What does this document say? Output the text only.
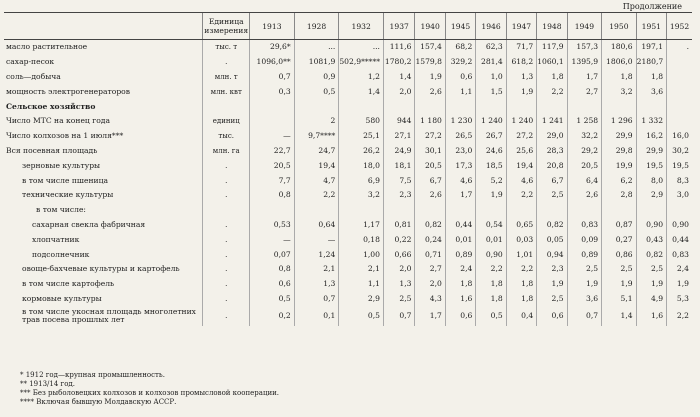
Продолжение
	Единица измерения	1913	1928	1932	1937	1940	1945	1946	1947	1948	1949	1950	1951	1952
масло растительное	тыс. т	29,6*	...	...	111,6	157,4	68,2	62,3	71,7	117,9	157,3	180,6	197,1	.
сахар-песок	.	1096,0**	1081,9	502,9*****	1780,2	1579,8	329,2	281,4	618,2	1060,1	1395,9	1806,0	2180,7	
соль—добыча	млн. т	0,7	0,9	1,2	1,4	1,9	0,6	1,0	1,3	1,8	1,7	1,8	1,8	
мощность электрогенераторов	млн. квт	0,3	0,5	1,4	2,0	2,6	1,1	1,5	1,9	2,2	2,7	3,2	3,6	
Сельское хозяйство														
Число МТС на конец года	единиц		2	580	944	1 180	1 230	1 240	1 240	1 241	1 258	1 296	1 332	
Число колхозов на 1 июля***	тыс.	—	9,7****	25,1	27,1	27,2	26,5	26,7	27,2	29,0	32,2	29,9	16,2	16,0
Вся посевная площадь	млн. га	22,7	24,7	26,2	24,9	30,1	23,0	24,6	25,6	28,3	29,2	29,8	29,9	30,2
зерновые культуры	.	20,5	19,4	18,0	18,1	20,5	17,3	18,5	19,4	20,8	20,5	19,9	19,5	19,5
в том числе пшеница	.	7,7	4,7	6,9	7,5	6,7	4,6	5,2	4,6	6,7	6,4	6,2	8,0	8,3
технические культуры	.	0,8	2,2	3,2	2,3	2,6	1,7	1,9	2,2	2,5	2,6	2,8	2,9	3,0
в том числе:														
сахарная свекла фабричная	.	0,53	0,64	1,17	0,81	0,82	0,44	0,54	0,65	0,82	0,83	0,87	0,90	0,90
хлопчатник	.	—	—	0,18	0,22	0,24	0,01	0,01	0,03	0,05	0,09	0,27	0,43	0,44
подсолнечник	.	0,07	1,24	1,00	0,66	0,71	0,89	0,90	1,01	0,94	0,89	0,86	0,82	0,83
овоще-бахчевые культуры и картофель	.	0,8	2,1	2,1	2,0	2,7	2,4	2,2	2,2	2,3	2,5	2,5	2,5	2,4
в том числе картофель	.	0,6	1,3	1,1	1,3	2,0	1,8	1,8	1,8	1,9	1,9	1,9	1,9	1,9
кормовые культуры	.	0,5	0,7	2,9	2,5	4,3	1,6	1,8	1,8	2,5	3,6	5,1	4,9	5,3
в том числе укосная площадь многолетних трав посева прошлых лет	.	0,2	0,1	0,5	0,7	1,7	0,6	0,5	0,4	0,6	0,7	1,4	1,6	2,2
* 1912 год—крупная промышленность.
** 1913/14 год.
*** Без рыболовецких колхозов и колхозов промысловой кооперации.
**** Включая бывшую Молдавскую АССР.
